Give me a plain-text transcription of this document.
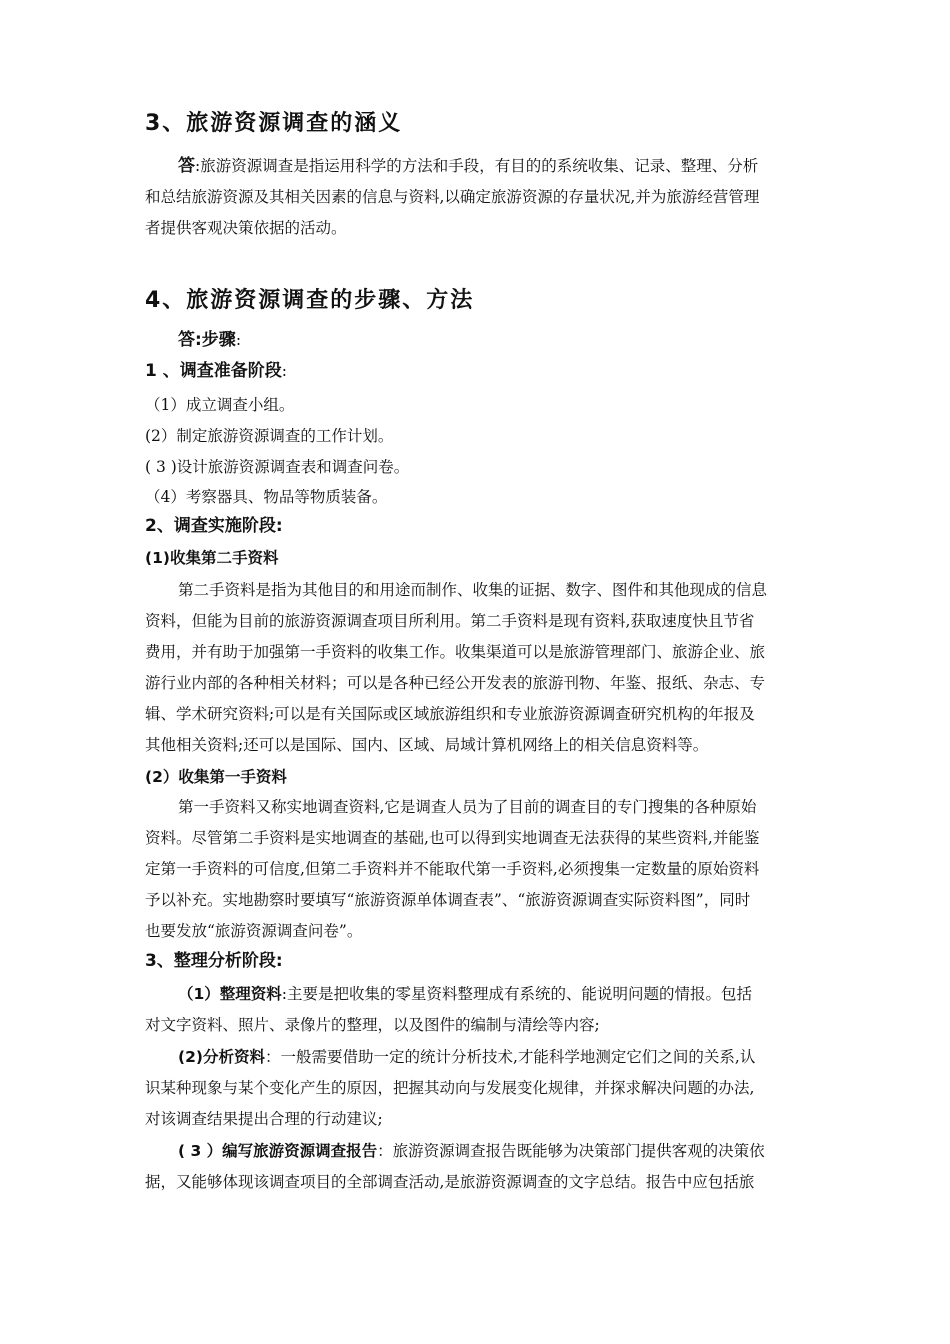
3、旅游资源调查的涵义
答:旅游资源调查是指运用科学的方法和手段，有目的的系统收集、记录、整理、分析
和总结旅游资源及其相关因素的信息与资料,以确定旅游资源的存量状况,并为旅游经营管理
者提供客观决策依据的活动。
4、旅游资源调查的步骤、方法
答:步骤:
1 、调查准备阶段:
（1）成立调查小组。
(2）制定旅游资源调查的工作计划。
( 3 )设计旅游资源调查表和调查问卷。
（4）考察器具、物品等物质装备。
2、调查实施阶段:
(1)收集第二手资料
第二手资料是指为其他目的和用途而制作、收集的证据、数字、图件和其他现成的信息
资料，但能为目前的旅游资源调查项目所利用。第二手资料是现有资料,获取速度快且节省
费用，并有助于加强第一手资料的收集工作。收集渠道可以是旅游管理部门、旅游企业、旅
游行业内部的各种相关材料；可以是各种已经公开发表的旅游刊物、年鉴、报纸、杂志、专
辑、学术研究资料;可以是有关国际或区域旅游组织和专业旅游资源调查研究机构的年报及
其他相关资料;还可以是国际、国内、区域、局域计算机网络上的相关信息资料等。
(2）收集第一手资料
第一手资料又称实地调查资料,它是调查人员为了目前的调查目的专门搜集的各种原始
资料。尽管第二手资料是实地调查的基础,也可以得到实地调查无法获得的某些资料,并能鉴
定第一手资料的可信度,但第二手资料并不能取代第一手资料,必须搜集一定数量的原始资料
予以补充。实地勘察时要填写“旅游资源单体调查表”、“旅游资源调查实际资料图”，同时
也要发放“旅游资源调查问卷”。
3、整理分析阶段:
（1）整理资料:主要是把收集的零星资料整理成有系统的、能说明问题的情报。包括
对文字资料、照片、录像片的整理，以及图件的编制与清绘等内容;
(2)分析资料：一般需要借助一定的统计分析技术,才能科学地测定它们之间的关系,认
识某种现象与某个变化产生的原因，把握其动向与发展变化规律，并探求解决问题的办法,
对该调查结果提出合理的行动建议;
( 3 ）编写旅游资源调查报告：旅游资源调查报告既能够为决策部门提供客观的决策依
据，又能够体现该调查项目的全部调查活动,是旅游资源调查的文字总结。报告中应包括旅
